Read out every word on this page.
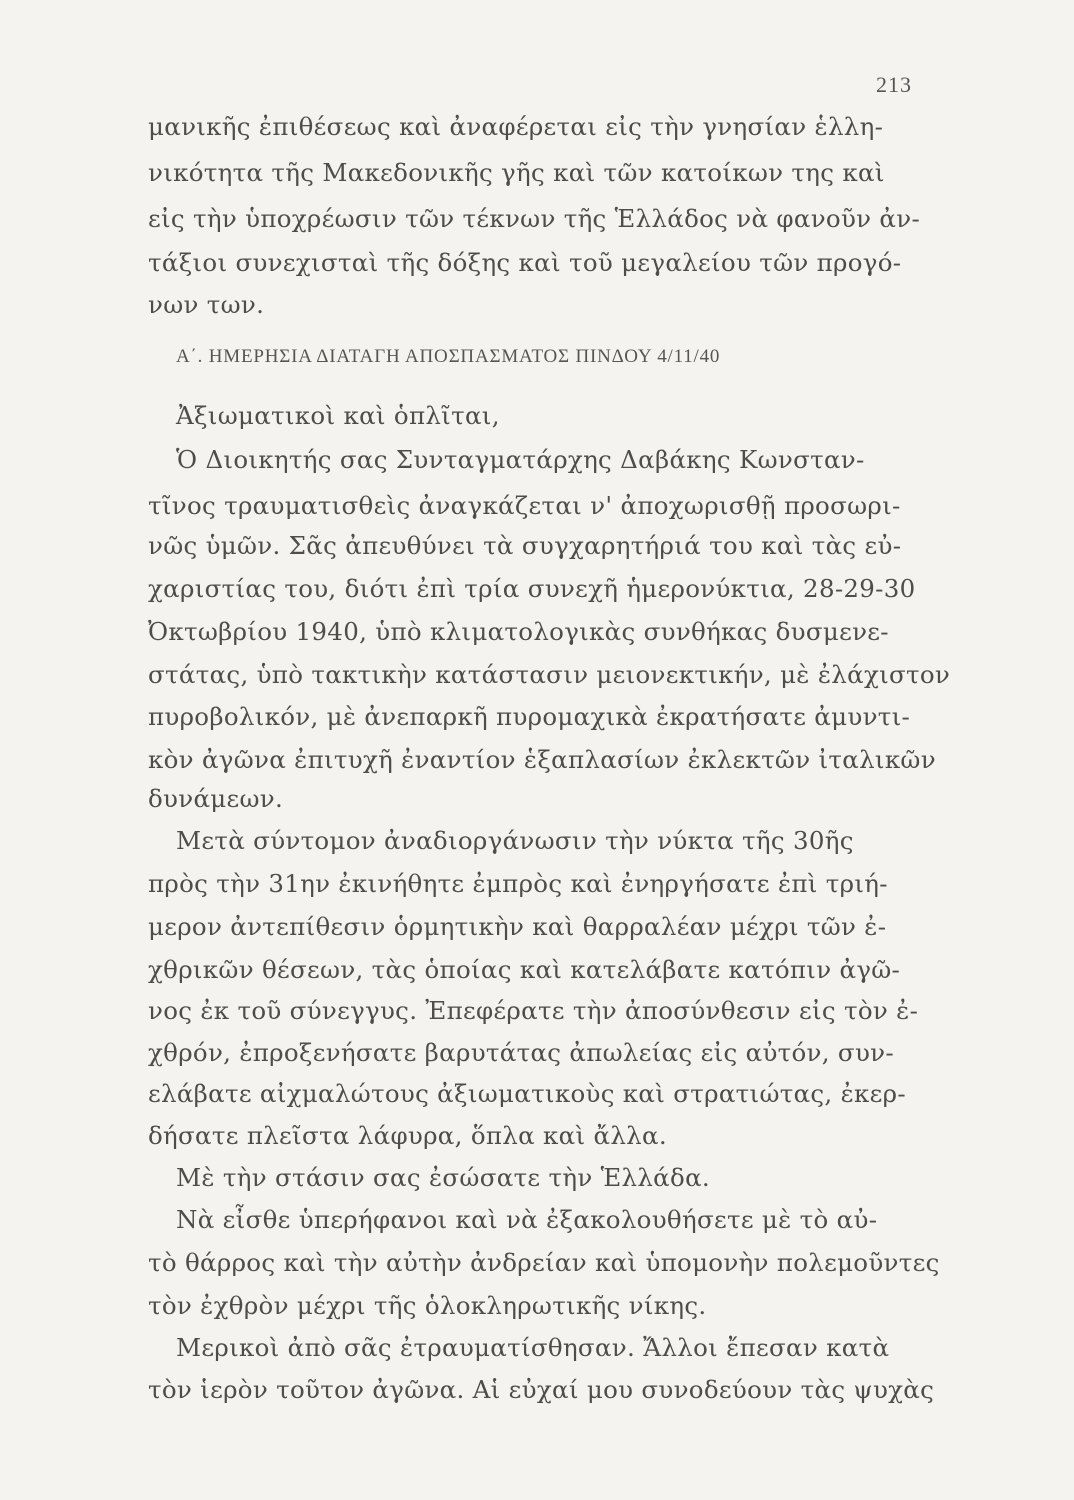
213
μανικῆς ἐπιθέσεως καὶ ἀναφέρεται εἰς τὴν γνησίαν ἑλλη-
νικότητα τῆς Μακεδονικῆς γῆς καὶ τῶν κατοίκων της καὶ
εἰς τὴν ὑποχρέωσιν τῶν τέκνων τῆς Ἑλλάδος νὰ φανοῦν ἀν-
τάξιοι συνεχισταὶ τῆς δόξης καὶ τοῦ μεγαλείου τῶν προγό-
νων των.
Α΄. ΗΜΕΡΗΣΙΑ ΔΙΑΤΑΓΗ ΑΠΟΣΠΑΣΜΑΤΟΣ ΠΙΝΔΟΥ 4/11/40
Ἀξιωματικοὶ καὶ ὁπλῖται,
Ὁ Διοικητής σας Συνταγματάρχης Δαβάκης Κωνσταν-
τῖνος τραυματισθεὶς ἀναγκάζεται ν' ἀποχωρισθῇ προσωρι-
νῶς ὑμῶν. Σᾶς ἀπευθύνει τὰ συγχαρητήριά του καὶ τὰς εὐ-
χαριστίας του, διότι ἐπὶ τρία συνεχῆ ἡμερονύκτια, 28-29-30
Ὀκτωβρίου 1940, ὑπὸ κλιματολογικὰς συνθήκας δυσμενε-
στάτας, ὑπὸ τακτικὴν κατάστασιν μειονεκτικήν, μὲ ἐλάχιστον
πυροβολικόν, μὲ ἀνεπαρκῆ πυρομαχικὰ ἐκρατήσατε ἀμυντι-
κὸν ἀγῶνα ἐπιτυχῆ ἐναντίον ἑξαπλασίων ἐκλεκτῶν ἰταλικῶν
δυνάμεων.
Μετὰ σύντομον ἀναδιοργάνωσιν τὴν νύκτα τῆς 30ῆς
πρὸς τὴν 31ην ἐκινήθητε ἐμπρὸς καὶ ἐνηργήσατε ἐπὶ τριή-
μερον ἀντεπίθεσιν ὁρμητικὴν καὶ θαρραλέαν μέχρι τῶν ἐ-
χθρικῶν θέσεων, τὰς ὁποίας καὶ κατελάβατε κατόπιν ἀγῶ-
νος ἐκ τοῦ σύνεγγυς. Ἐπεφέρατε τὴν ἀποσύνθεσιν εἰς τὸν ἐ-
χθρόν, ἐπροξενήσατε βαρυτάτας ἀπωλείας εἰς αὐτόν, συν-
ελάβατε αἰχμαλώτους ἀξιωματικοὺς καὶ στρατιώτας, ἐκερ-
δήσατε πλεῖστα λάφυρα, ὅπλα καὶ ἄλλα.
Μὲ τὴν στάσιν σας ἐσώσατε τὴν Ἑλλάδα.
Νὰ εἶσθε ὑπερήφανοι καὶ νὰ ἐξακολουθήσετε μὲ τὸ αὐ-
τὸ θάρρος καὶ τὴν αὐτὴν ἀνδρείαν καὶ ὑπομονὴν πολεμοῦντες
τὸν ἐχθρὸν μέχρι τῆς ὁλοκληρωτικῆς νίκης.
Μερικοὶ ἀπὸ σᾶς ἐτραυματίσθησαν. Ἄλλοι ἔπεσαν κατὰ
τὸν ἱερὸν τοῦτον ἀγῶνα. Αἱ εὐχαί μου συνοδεύουν τὰς ψυχὰς
